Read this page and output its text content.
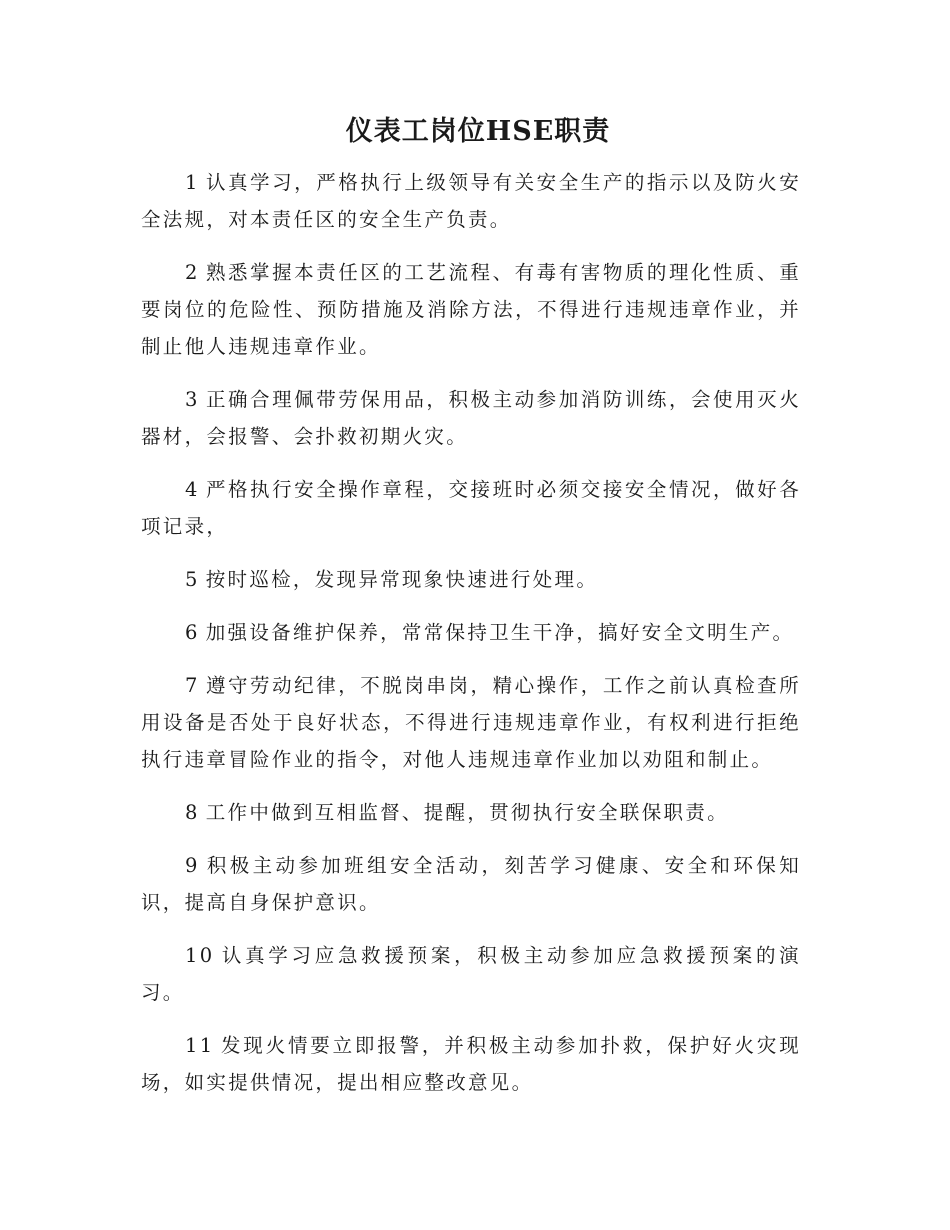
仪表工岗位HSE职责

1 认真学习，严格执行上级领导有关安全生产的指示以及防火安全法规，对本责任区的安全生产负责。

2 熟悉掌握本责任区的工艺流程、有毒有害物质的理化性质、重要岗位的危险性、预防措施及消除方法，不得进行违规违章作业，并制止他人违规违章作业。

3 正确合理佩带劳保用品，积极主动参加消防训练，会使用灭火器材，会报警、会扑救初期火灾。

4 严格执行安全操作章程，交接班时必须交接安全情况，做好各项记录，

5 按时巡检，发现异常现象快速进行处理。

6 加强设备维护保养，常常保持卫生干净，搞好安全文明生产。

7 遵守劳动纪律，不脱岗串岗，精心操作，工作之前认真检查所用设备是否处于良好状态，不得进行违规违章作业，有权利进行拒绝执行违章冒险作业的指令，对他人违规违章作业加以劝阻和制止。

8 工作中做到互相监督、提醒，贯彻执行安全联保职责。

9 积极主动参加班组安全活动，刻苦学习健康、安全和环保知识，提高自身保护意识。

10 认真学习应急救援预案，积极主动参加应急救援预案的演习。

11 发现火情要立即报警，并积极主动参加扑救，保护好火灾现场，如实提供情况，提出相应整改意见。
